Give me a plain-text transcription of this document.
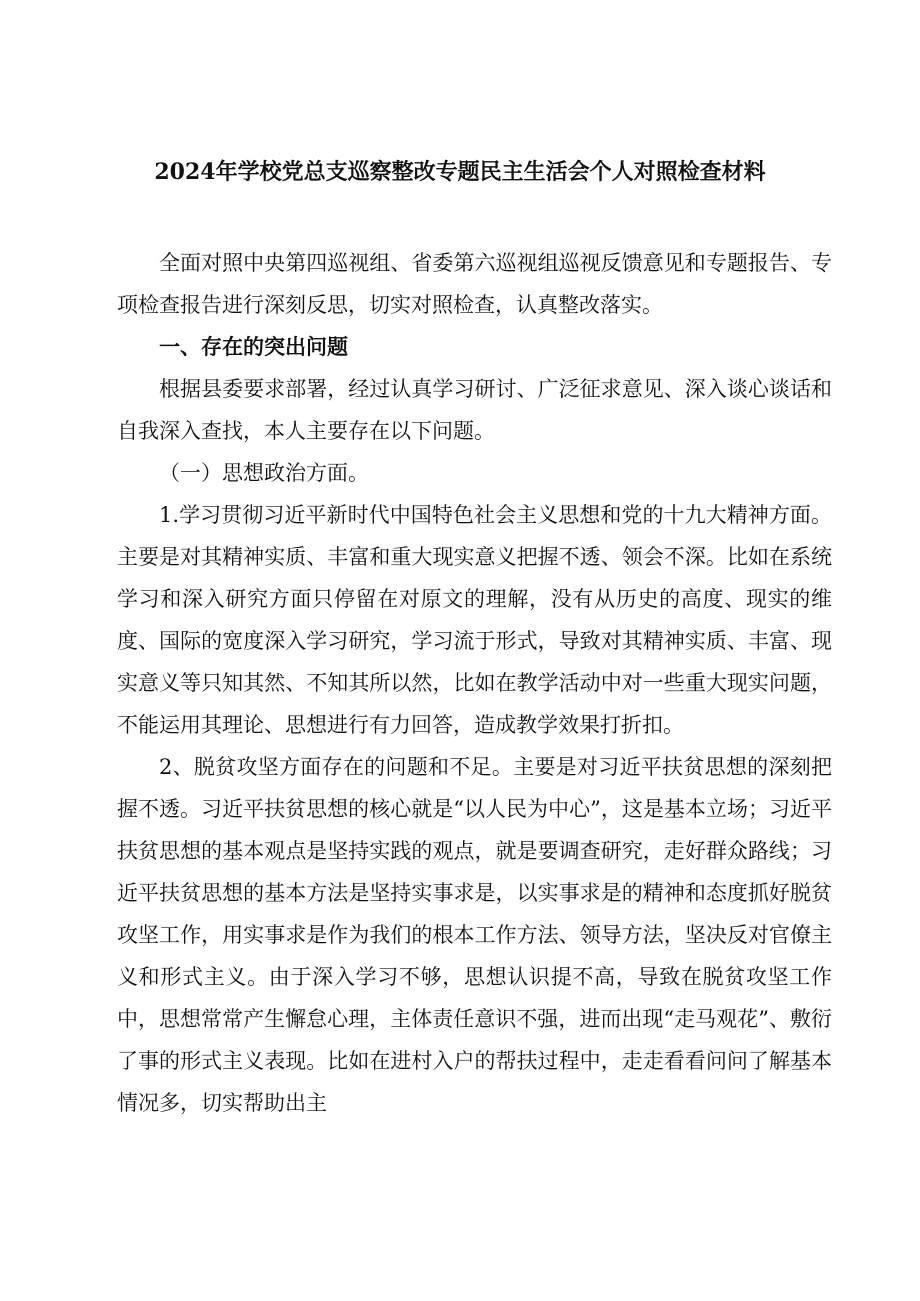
2024年学校党总支巡察整改专题民主生活会个人对照检查材料

全面对照中央第四巡视组、省委第六巡视组巡视反馈意见和专题报告、专项检查报告进行深刻反思，切实对照检查，认真整改落实。

一、存在的突出问题

根据县委要求部署，经过认真学习研讨、广泛征求意见、深入谈心谈话和自我深入查找，本人主要存在以下问题。

（一）思想政治方面。

1.学习贯彻习近平新时代中国特色社会主义思想和党的十九大精神方面。主要是对其精神实质、丰富和重大现实意义把握不透、领会不深。比如在系统学习和深入研究方面只停留在对原文的理解，没有从历史的高度、现实的维度、国际的宽度深入学习研究，学习流于形式，导致对其精神实质、丰富、现实意义等只知其然、不知其所以然，比如在教学活动中对一些重大现实问题，不能运用其理论、思想进行有力回答，造成教学效果打折扣。

2、脱贫攻坚方面存在的问题和不足。主要是对习近平扶贫思想的深刻把握不透。习近平扶贫思想的核心就是“以人民为中心”，这是基本立场；习近平扶贫思想的基本观点是坚持实践的观点，就是要调查研究，走好群众路线；习近平扶贫思想的基本方法是坚持实事求是，以实事求是的精神和态度抓好脱贫攻坚工作，用实事求是作为我们的根本工作方法、领导方法，坚决反对官僚主义和形式主义。由于深入学习不够，思想认识提不高，导致在脱贫攻坚工作中，思想常常产生懈怠心理，主体责任意识不强，进而出现“走马观花”、敷衍了事的形式主义表现。比如在进村入户的帮扶过程中，走走看看问问了解基本情况多，切实帮助出主
